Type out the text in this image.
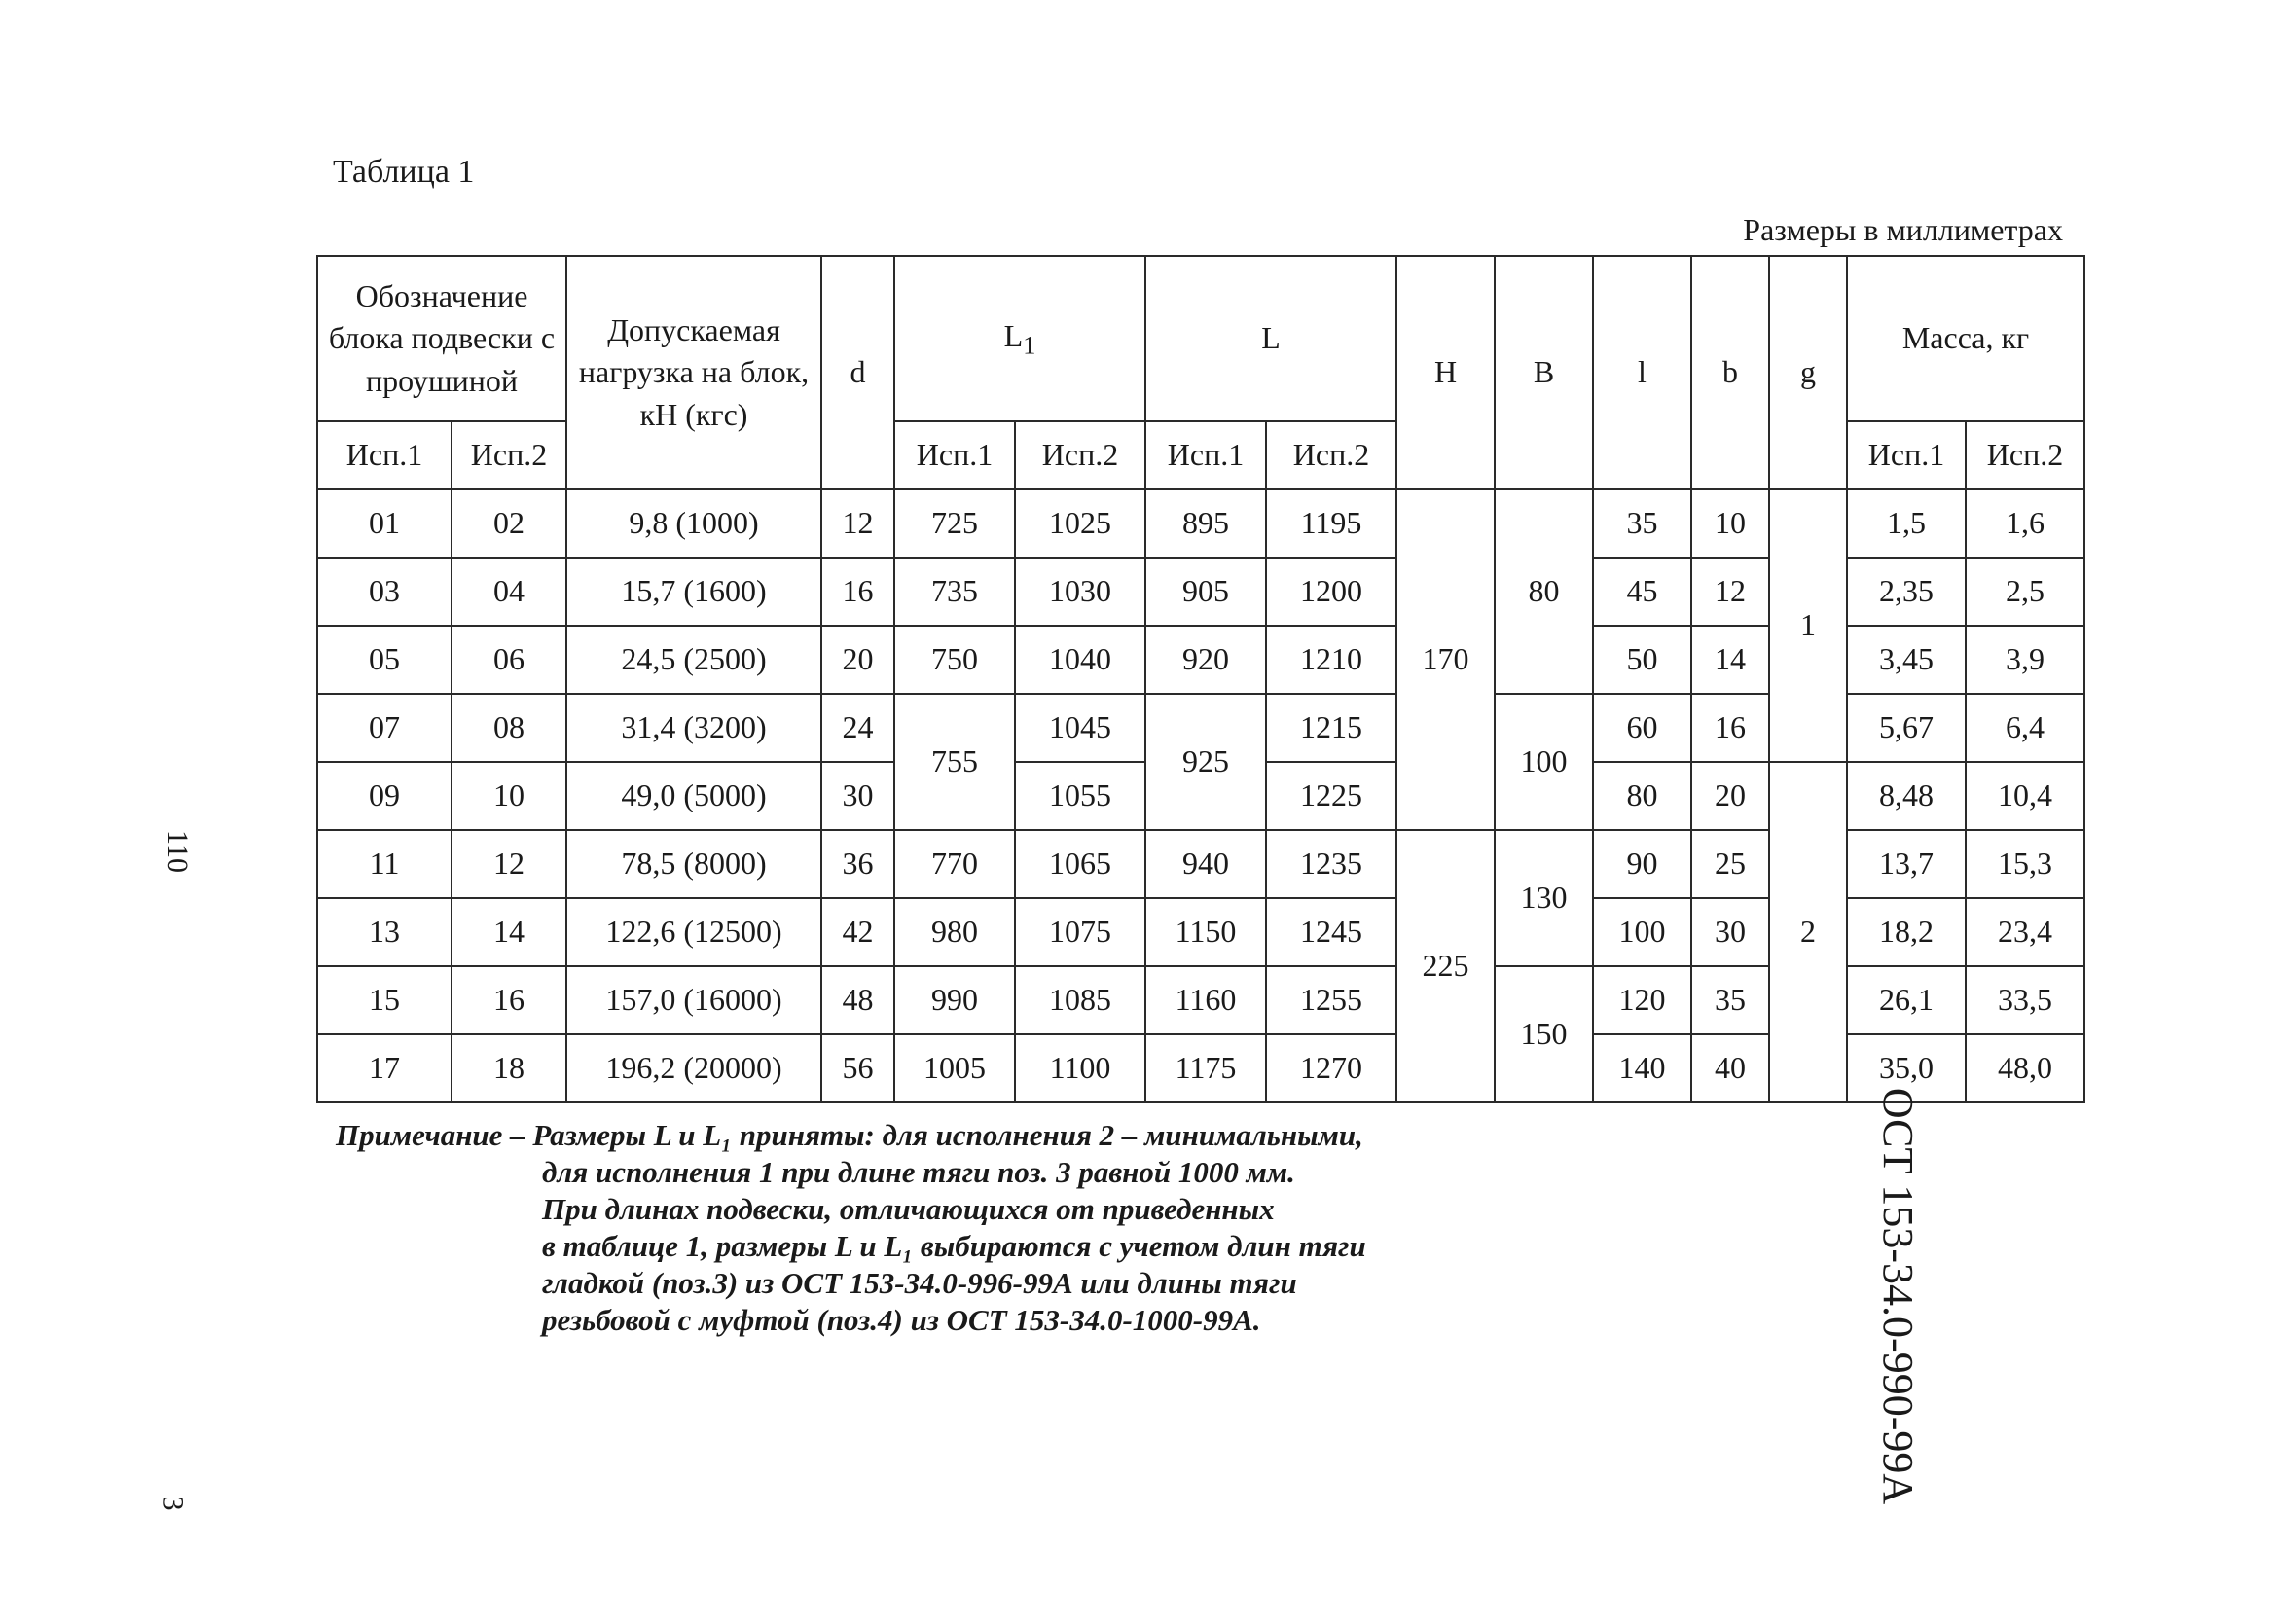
Таблица 1
Размеры в миллиметрах
Обозначение блока подвески с проушиной		Допускаемая нагрузка на блок, кН (кгс)	d	$L_1$		L		H	B	l	b	g	Масса, кг	
Исп.1	Исп.2			Исп.1	Исп.2	Исп.1	Исп.2						Исп.1	Исп.2
01	02	9,8 (1000)	12	725	1025	895	1195	170	80	35	10	1	1,5	1,6
03	04	15,7 (1600)	16	735	1030	905	1200			45	12		2,35	2,5
05	06	24,5 (2500)	20	750	1040	920	1210			50	14		3,45	3,9
07	08	31,4 (3200)	24	755	1045	925	1215		100	60	16		5,67	6,4
09	10	49,0 (5000)	30		1055		1225			80	20	2	8,48	10,4
11	12	78,5 (8000)	36	770	1065	940	1235	225	130	90	25		13,7	15,3
13	14	122,6 (12500)	42	980	1075	1150	1245			100	30		18,2	23,4
15	16	157,0 (16000)	48	990	1085	1160	1255		150	120	35		26,1	33,5
17	18	196,2 (20000)	56	1005	1100	1175	1270			140	40		35,0	48,0
Примечание – Размеры L и L₁ приняты: для исполнения 2 – минимальными,
для исполнения 1 при длине тяги поз. 3 равной 1000 мм.
При длинах подвески, отличающихся от приведенных
в таблице 1, размеры L и L₁ выбираются с учетом длин тяги
гладкой (поз.3) из ОСТ 153-34.0-996-99А или длины тяги
резьбовой с муфтой (поз.4) из ОСТ 153-34.0-1000-99А.
110
3	ОСТ 153-34.0-990-99А
